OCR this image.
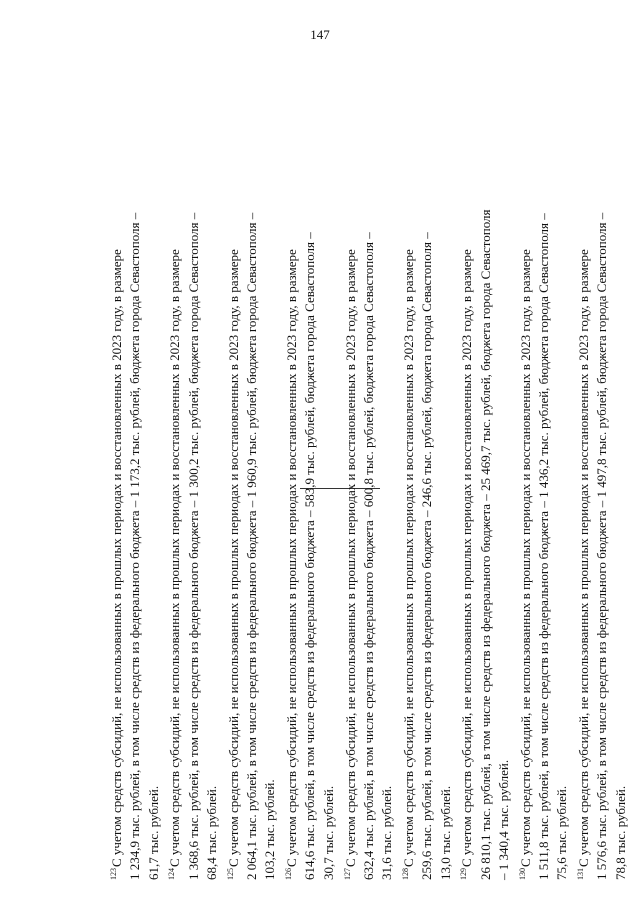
147
$^{123}$С учетом средств субсидий, не использованных в прошлых периодах и восстановленных в 2023 году, в размере 1 234,9 тыс. рублей, в том числе средств из федерального бюджета – 1 173,2 тыс. рублей, бюджета города Севастополя – 61,7 тыс. рублей. $^{124}$С учетом средств субсидий, не использованных в прошлых периодах и восстановленных в 2023 году, в размере 1 368,6 тыс. рублей, в том числе средств из федерального бюджета – 1 300,2 тыс. рублей, бюджета города Севастополя – 68,4 тыс. рублей. $^{125}$С учетом средств субсидий, не использованных в прошлых периодах и восстановленных в 2023 году, в размере 2 064,1 тыс. рублей, в том числе средств из федерального бюджета – 1 960,9 тыс. рублей, бюджета города Севастополя – 103,2 тыс. рублей. $^{126}$С учетом средств субсидий, не использованных в прошлых периодах и восстановленных в 2023 году, в размере 614,6 тыс. рублей, в том числе средств из федерального бюджета – 583,9 тыс. рублей, бюджета города Севастополя – 30,7 тыс. рублей. $^{127}$С учетом средств субсидий, не использованных в прошлых периодах и восстановленных в 2023 году, в размере 632,4 тыс. рублей, в том числе средств из федерального бюджета – 600,8 тыс. рублей, бюджета города Севастополя – 31,6 тыс. рублей. $^{128}$С учетом средств субсидий, не использованных в прошлых периодах и восстановленных в 2023 году, в размере 259,6 тыс. рублей, в том числе средств из федерального бюджета – 246,6 тыс. рублей, бюджета города Севастополя – 13,0 тыс. рублей. $^{129}$С учетом средств субсидий, не использованных в прошлых периодах и восстановленных в 2023 году, в размере 26 810,1 тыс. рублей, в том числе средств из федерального бюджета – 25 469,7 тыс. рублей, бюджета города Севастополя – 1 340,4 тыс. рублей. $^{130}$С учетом средств субсидий, не использованных в прошлых периодах и восстановленных в 2023 году, в размере 1 511,8 тыс. рублей, в том числе средств из федерального бюджета – 1 436,2 тыс. рублей, бюджета города Севастополя – 75,6 тыс. рублей. $^{131}$С учетом средств субсидий, не использованных в прошлых периодах и восстановленных в 2023 году, в размере 1 576,6 тыс. рублей, в том числе средств из федерального бюджета – 1 497,8 тыс. рублей, бюджета города Севастополя – 78,8 тыс. рублей.
